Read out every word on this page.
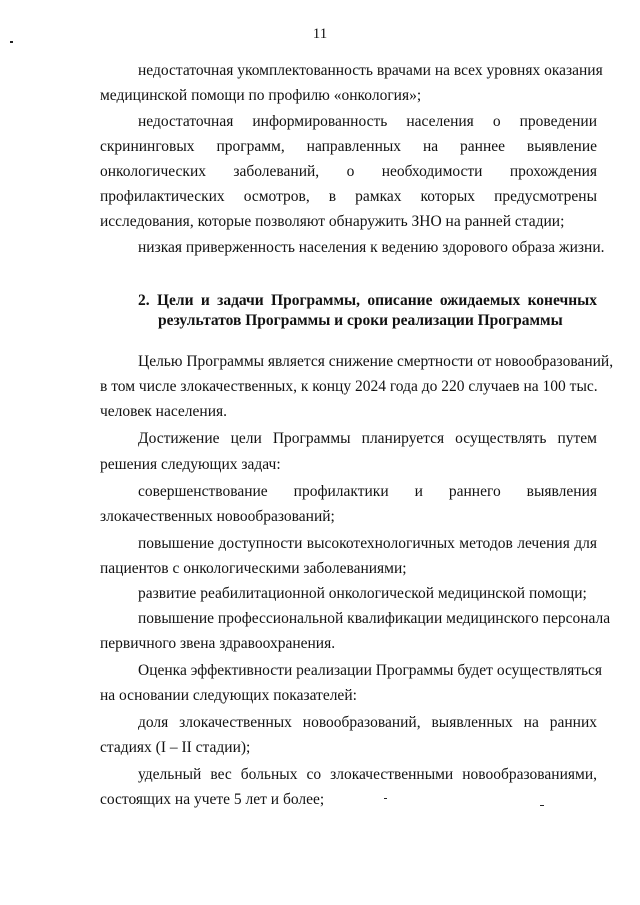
11
недостаточная укомплектованность врачами на всех уровнях оказания
медицинской помощи по профилю «онкология»;
недостаточная информированность населения о проведении
скрининговых программ, направленных на раннее выявление
онкологических заболеваний, о необходимости прохождения
профилактических осмотров, в рамках которых предусмотрены
исследования, которые позволяют обнаружить ЗНО на ранней стадии;
низкая приверженность населения к ведению здорового образа жизни.
2. Цели и задачи Программы, описание ожидаемых конечных
результатов Программы и сроки реализации Программы
Целью Программы является снижение смертности от новообразований,
в том числе злокачественных, к концу 2024 года до 220 случаев на 100 тыс.
человек населения.
Достижение цели Программы планируется осуществлять путем
решения следующих задач:
совершенствование профилактики и раннего выявления
злокачественных новообразований;
повышение доступности высокотехнологичных методов лечения для
пациентов с онкологическими заболеваниями;
развитие реабилитационной онкологической медицинской помощи;
повышение профессиональной квалификации медицинского персонала
первичного звена здравоохранения.
Оценка эффективности реализации Программы будет осуществляться
на основании следующих показателей:
доля злокачественных новообразований, выявленных на ранних
стадиях (I – II стадии);
удельный вес больных со злокачественными новообразованиями,
состоящих на учете 5 лет и более;
